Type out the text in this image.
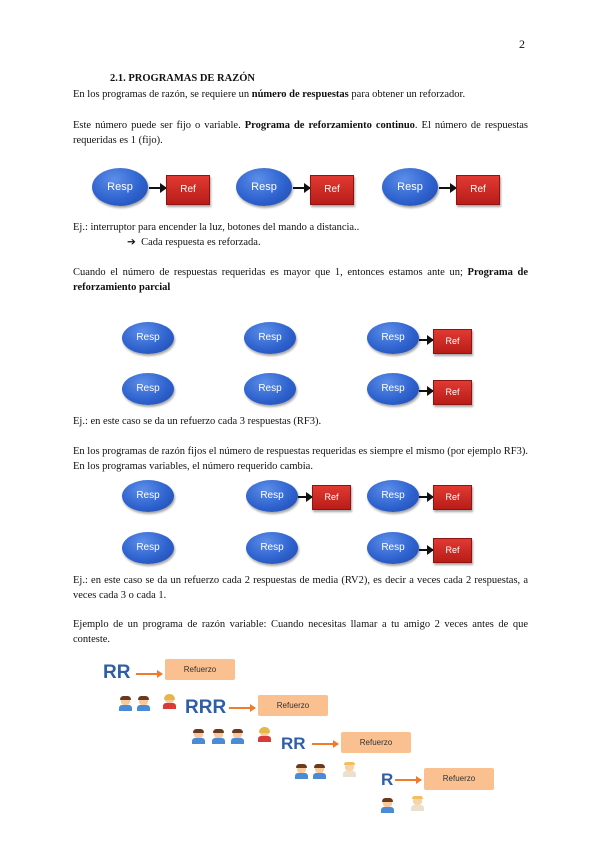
2
2.1. PROGRAMAS DE RAZÓN
En los programas de razón, se requiere un número de respuestas para obtener un reforzador.
Este número puede ser fijo o variable. Programa de reforzamiento continuo. El número de respuestas requeridas es 1 (fijo).
Resp	Ref	Resp	Ref	Resp	Ref
Ej.: interruptor para encender la luz, botones del mando a distancia..
➔ Cada respuesta es reforzada.
Cuando el número de respuestas requeridas es mayor que 1, entonces estamos ante un; Programa de reforzamiento parcial
Resp	Resp	Resp	Ref
Resp	Resp	Resp	Ref
Ej.: en este caso se da un refuerzo cada 3 respuestas (RF3).
En los programas de razón fijos el número de respuestas requeridas es siempre el mismo (por ejemplo RF3). En los programas variables, el número requerido cambia.
Resp	Resp	Ref	Resp	Ref
Resp	Resp	Resp	Ref
Ej.: en este caso se da un refuerzo cada 2 respuestas de media (RV2), es decir a veces cada 2 respuestas, a veces cada 3 o cada 1.
Ejemplo de un programa de razón variable: Cuando necesitas llamar a tu amigo 2 veces antes de que conteste.
RR	Refuerzo
RRR	Refuerzo
RR	Refuerzo
R	Refuerzo
